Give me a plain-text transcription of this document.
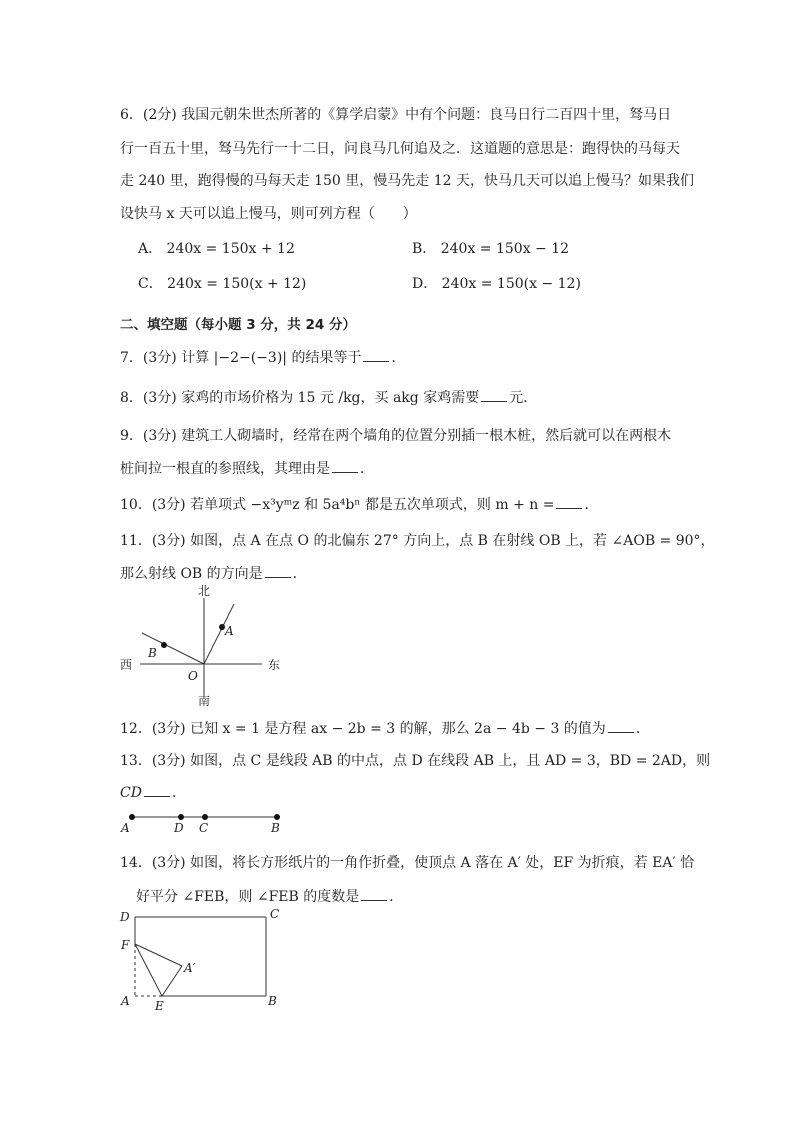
6．(2分) 我国元朝朱世杰所著的《算学启蒙》中有个问题：良马日行二百四十里，驽马日
行一百五十里，驽马先行一十二日，问良马几何追及之．这道题的意思是：跑得快的马每天
走 240 里，跑得慢的马每天走 150 里，慢马先走 12 天，快马几天可以追上慢马？如果我们
设快马 x 天可以追上慢马，则可列方程（　　）
A． 240x = 150x + 12	B． 240x = 150x − 12
C． 240x = 150(x + 12)	D． 240x = 150(x − 12)
二、填空题（每小题 3 分，共 24 分）
7．(3分) 计算 |−2−(−3)| 的结果等于 ．
8．(3分) 家鸡的市场价格为 15 元 /kg，买 akg 家鸡需要 元．
9．(3分) 建筑工人砌墙时，经常在两个墙角的位置分别插一根木桩，然后就可以在两根木
桩间拉一根直的参照线，其理由是 ．
10．(3分) 若单项式 −x³yᵐz 和 5a⁴bⁿ 都是五次单项式，则 m + n = ．
11．(3分) 如图，点 A 在点 O 的北偏东 27° 方向上，点 B 在射线 OB 上，若 ∠AOB = 90°，
那么射线 OB 的方向是 ．
北
南
西	东
A
B
O
12．(3分) 已知 x = 1 是方程 ax − 2b = 3 的解，那么 2a − 4b − 3 的值为 ．
13．(3分) 如图，点 C 是线段 AB 的中点，点 D 在线段 AB 上，且 AD = 3，BD = 2AD，则
CD ．
A	D C	B
14．(3分) 如图，将长方形纸片的一角作折叠，使顶点 A 落在 A′ 处，EF 为折痕，若 EA′ 恰
好平分 ∠FEB，则 ∠FEB 的度数是 ．
D	C
F
A′
A E	B
